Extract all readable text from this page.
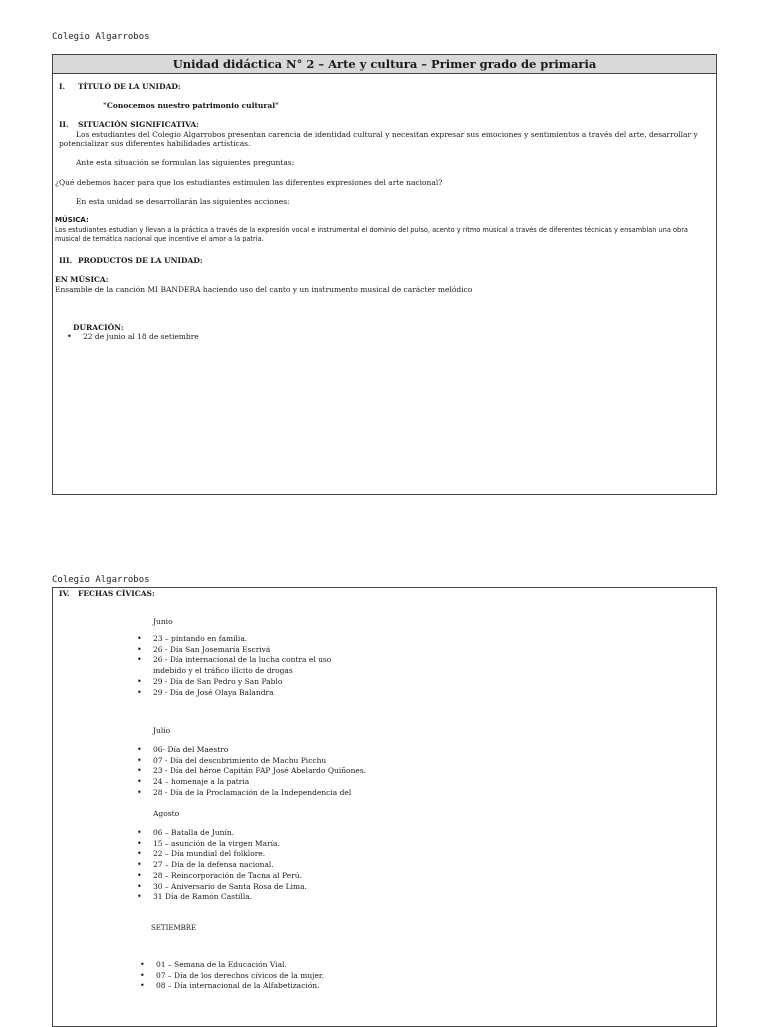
Colegio Algarrobos
Unidad didáctica N° 2 – Arte y cultura – Primer grado de primaria
I. TÍTULO DE LA UNIDAD:
"Conocemos nuestro patrimonio cultural"
II. SITUACIÓN SIGNIFICATIVA:
Los estudiantes del Colegio Algarrobos presentan carencia de identidad cultural y necesitan expresar sus emociones y sentimientos a través del arte, desarrollar y potencializar sus diferentes habilidades artísticas.
Ante esta situación se formulan las siguientes preguntas:
¿Qué debemos hacer para que los estudiantes estimulen las diferentes expresiones del arte nacional?
En esta unidad se desarrollarán las siguientes acciones:
MÚSICA:
Los estudiantes estudian y llevan a la práctica a través de la expresión vocal e instrumental el dominio del pulso, acento y ritmo musical a través de diferentes técnicas y ensamblan una obra musical de temática nacional que incentive el amor a la patria.
III. PRODUCTOS DE LA UNIDAD:
EN MÚSICA:
Ensamble de la canción MI BANDERA haciendo uso del canto y un instrumento musical de carácter melódico
DURACIÓN:
• 22 de junio al 18 de setiembre
Colegio Algarrobos
IV. FECHAS CÍVICAS:
Junio
• 23 – pintando en familia.
• 26 - Día San Josemaría Escrivá
• 26 - Día internacional de la lucha contra el uso indebido y el tráfico ilícito de drogas
• 29 - Día de San Pedro y San Pablo
• 29 - Día de José Olaya Balandra
Julio
• 06- Día del Maestro
• 07 - Día del descubrimiento de Machu Picchu
• 23 - Día del héroe Capitán FAP José Abelardo Quiñones.
• 24 – homenaje a la patria
• 28 - Día de la Proclamación de la Independencia del
Agosto
• 06 – Batalla de Junín.
• 15 – asunción de la virgen María.
• 22 – Día mundial del folklore.
• 27 – Día de la defensa nacional.
• 28 – Reincorporación de Tacna al Perú.
• 30 – Aniversario de Santa Rosa de Lima.
• 31 Día de Ramón Castilla.
SETIEMBRE
• 01 – Semana de la Educación Vial.
• 07 – Día de los derechos cívicos de la mujer.
• 08 – Día internacional de la Alfabetización.
